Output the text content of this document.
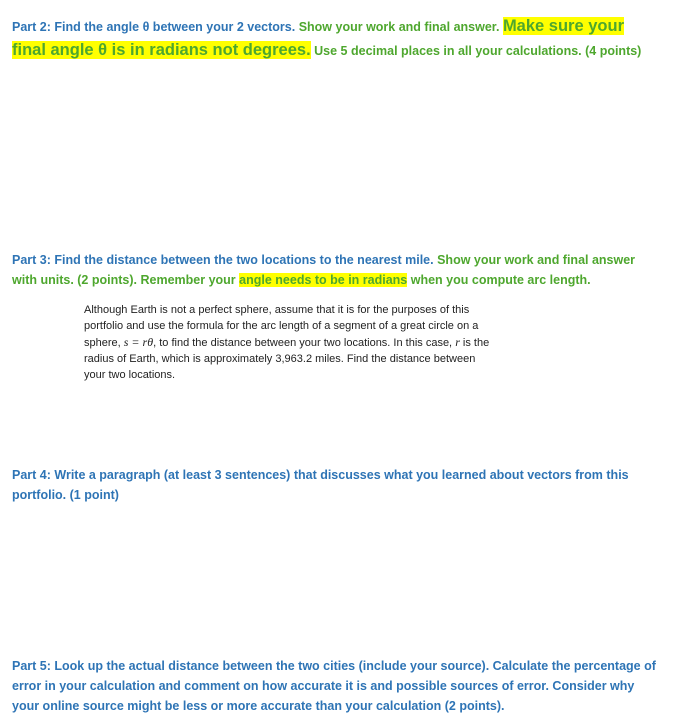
Part 2: Find the angle θ between your 2 vectors. Show your work and final answer. Make sure your final angle θ is in radians not degrees. Use 5 decimal places in all your calculations. (4 points)
Part 3: Find the distance between the two locations to the nearest mile. Show your work and final answer with units. (2 points). Remember your angle needs to be in radians when you compute arc length.
Although Earth is not a perfect sphere, assume that it is for the purposes of this
portfolio and use the formula for the arc length of a segment of a great circle on a
sphere, s = rθ, to find the distance between your two locations. In this case, r is the
radius of Earth, which is approximately 3,963.2 miles. Find the distance between
your two locations.
Part 4: Write a paragraph (at least 3 sentences) that discusses what you learned about vectors from this portfolio. (1 point)
Part 5: Look up the actual distance between the two cities (include your source). Calculate the percentage of error in your calculation and comment on how accurate it is and possible sources of error. Consider why your online source might be less or more accurate than your calculation (2 points).
